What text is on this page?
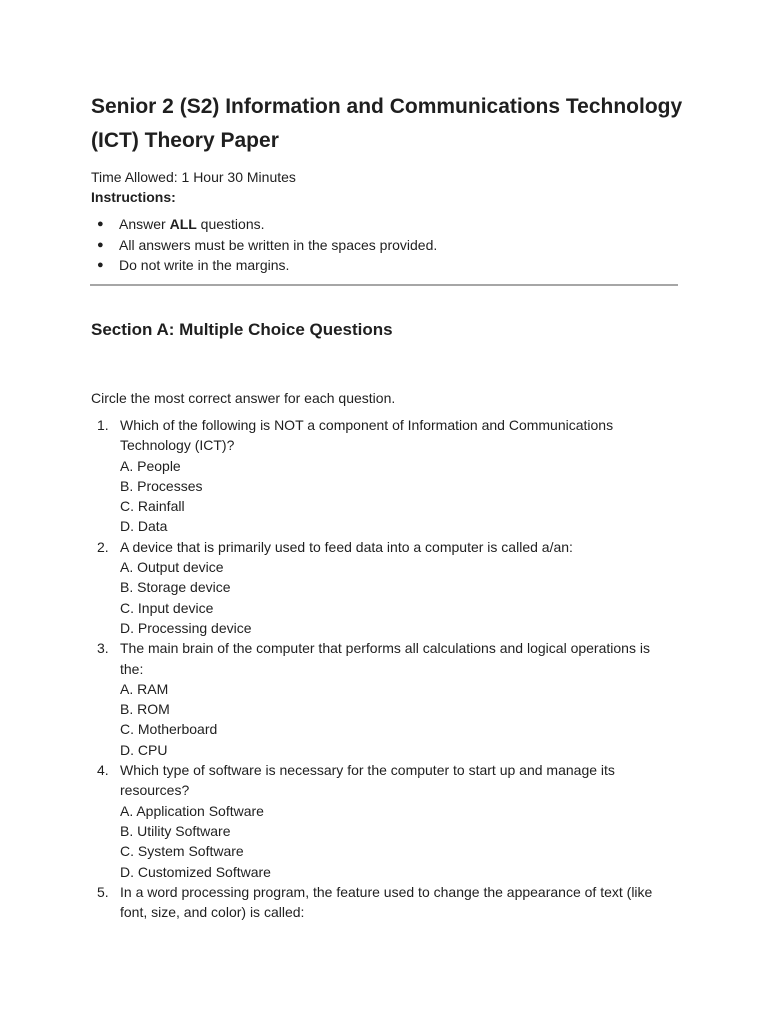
Senior 2 (S2) Information and Communications Technology (ICT) Theory Paper
Time Allowed: 1 Hour 30 Minutes
Instructions:
● Answer ALL questions.
● All answers must be written in the spaces provided.
● Do not write in the margins.
Section A: Multiple Choice Questions
Circle the most correct answer for each question.
1. Which of the following is NOT a component of Information and Communications Technology (ICT)?
A. People
B. Processes
C. Rainfall
D. Data
2. A device that is primarily used to feed data into a computer is called a/an:
A. Output device
B. Storage device
C. Input device
D. Processing device
3. The main brain of the computer that performs all calculations and logical operations is the:
A. RAM
B. ROM
C. Motherboard
D. CPU
4. Which type of software is necessary for the computer to start up and manage its resources?
A. Application Software
B. Utility Software
C. System Software
D. Customized Software
5. In a word processing program, the feature used to change the appearance of text (like font, size, and color) is called:
